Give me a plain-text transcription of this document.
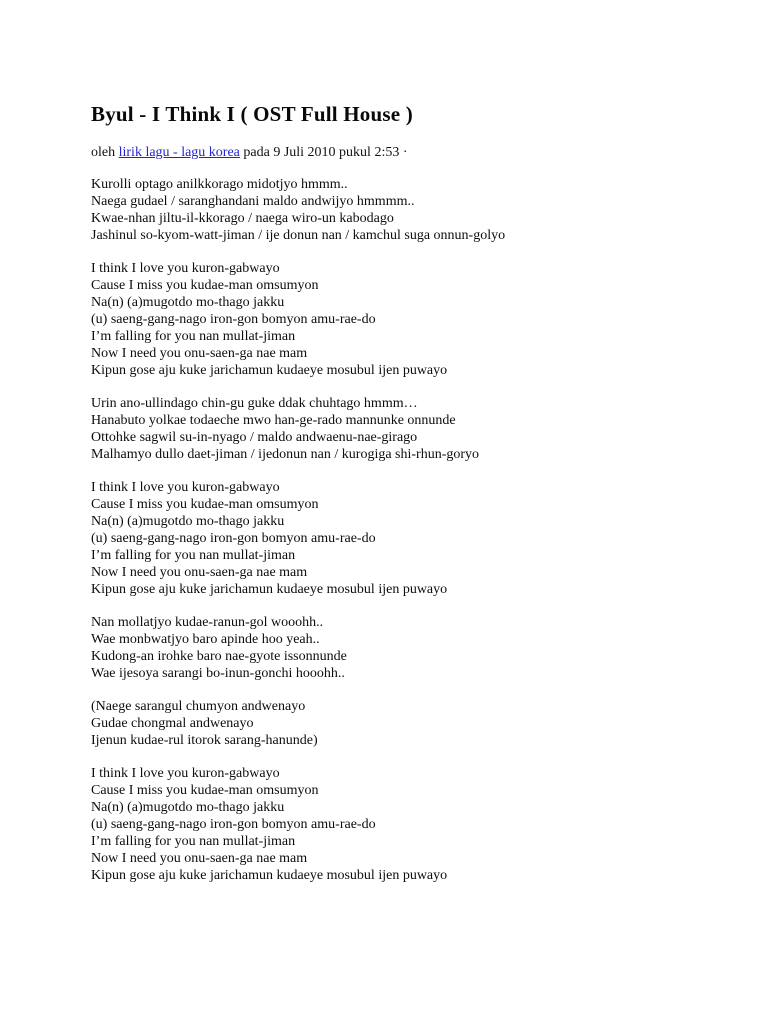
Byul - I Think I ( OST Full House )

oleh lirik lagu - lagu korea pada 9 Juli 2010 pukul 2:53 ·

Kurolli optago anilkkorago midotjyo hmmm..
Naega gudael / saranghandani maldo andwijyo hmmmm..
Kwae-nhan jiltu-il-kkorago / naega wiro-un kabodago
Jashinul so-kyom-watt-jiman / ije donun nan / kamchul suga onnun-golyo
I think I love you kuron-gabwayo
Cause I miss you kudae-man omsumyon
Na(n) (a)mugotdo mo-thago jakku
(u) saeng-gang-nago iron-gon bomyon amu-rae-do
I’m falling for you nan mullat-jiman
Now I need you onu-saen-ga nae mam
Kipun gose aju kuke jarichamun kudaeye mosubul ijen puwayo
Urin ano-ullindago chin-gu guke ddak chuhtago hmmm…
Hanabuto yolkae todaeche mwo han-ge-rado mannunke onnunde
Ottohke sagwil su-in-nyago / maldo andwaenu-nae-girago
Malhamyo dullo daet-jiman / ijedonun nan / kurogiga shi-rhun-goryo
I think I love you kuron-gabwayo
Cause I miss you kudae-man omsumyon
Na(n) (a)mugotdo mo-thago jakku
(u) saeng-gang-nago iron-gon bomyon amu-rae-do
I’m falling for you nan mullat-jiman
Now I need you onu-saen-ga nae mam
Kipun gose aju kuke jarichamun kudaeye mosubul ijen puwayo
Nan mollatjyo kudae-ranun-gol wooohh..
Wae monbwatjyo baro apinde hoo yeah..
Kudong-an irohke baro nae-gyote issonnunde
Wae ijesoya sarangi bo-inun-gonchi hooohh..
(Naege sarangul chumyon andwenayo
Gudae chongmal andwenayo
Ijenun kudae-rul itorok sarang-hanunde)
I think I love you kuron-gabwayo
Cause I miss you kudae-man omsumyon
Na(n) (a)mugotdo mo-thago jakku
(u) saeng-gang-nago iron-gon bomyon amu-rae-do
I’m falling for you nan mullat-jiman
Now I need you onu-saen-ga nae mam
Kipun gose aju kuke jarichamun kudaeye mosubul ijen puwayo
